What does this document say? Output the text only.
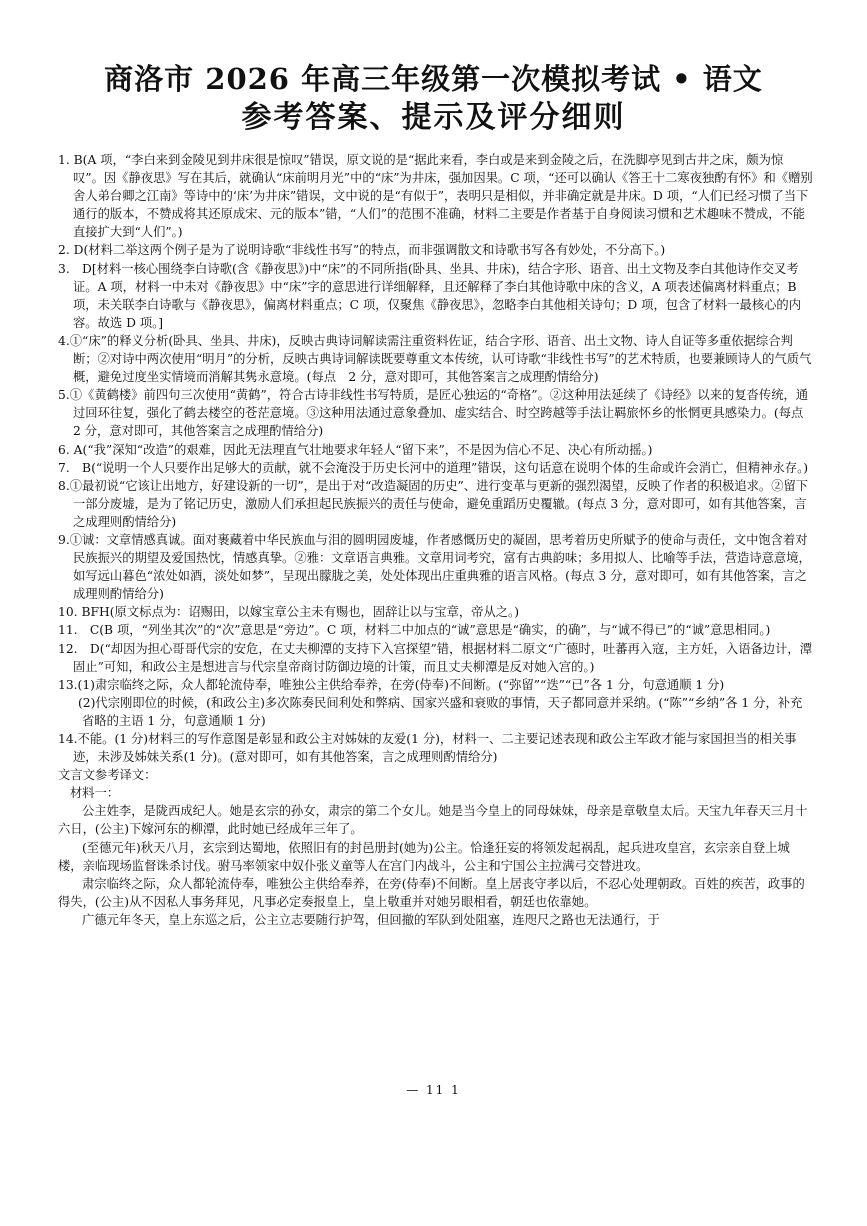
商洛市 2026 年高三年级第一次模拟考试 • 语文
参考答案、提示及评分细则

1. B(A 项，“李白来到金陵见到井床很是惊叹”错误，原文说的是“据此来看，李白或是来到金陵之后，在洗脚亭见到古井之床，颇为惊叹”。因《静夜思》写在其后，就确认“床前明月光”中的“床”为井床，强加因果。C 项，“还可以确认《答王十二寒夜独酌有怀》和《赠别舍人弟台卿之江南》等诗中的‘床’为井床”错误，文中说的是“有似于”，表明只是相似，并非确定就是井床。D 项，“人们已经习惯了当下通行的版本，不赞成将其还原成宋、元的版本”错，“人们”的范围不准确，材料二主要是作者基于自身阅读习惯和艺术趣味不赞成，不能直接扩大到“人们”。)

2. D(材料二举这两个例子是为了说明诗歌“非线性书写”的特点，而非强调散文和诗歌书写各有妙处，不分高下。)

3.　D[材料一核心围绕李白诗歌(含《静夜思》)中“床”的不同所指(卧具、坐具、井床)，结合字形、语音、出土文物及李白其他诗作交叉考证。A 项，材料一中未对《静夜思》中“床”字的意思进行详细解释，且还解释了李白其他诗歌中床的含义，A 项表述偏离材料重点；B 项，未关联李白诗歌与《静夜思》，偏离材料重点；C 项，仅聚焦《静夜思》，忽略李白其他相关诗句；D 项，包含了材料一最核心的内容。故选 D 项。]

4.①“床”的释义分析(卧具、坐具、井床)，反映古典诗词解读需注重资料佐证，结合字形、语音、出土文物、诗人自证等多重依据综合判断；②对诗中两次使用“明月”的分析，反映古典诗词解读既要尊重文本传统，认可诗歌“非线性书写”的艺术特质，也要兼顾诗人的气质气概，避免过度坐实情境而消解其隽永意境。(每点　2 分，意对即可，其他答案言之成理酌情给分)

5.①《黄鹤楼》前四句三次使用“黄鹤”，符合古诗非线性书写特质，是匠心独运的“奇格”。②这种用法延续了《诗经》以来的复沓传统，通过回环往复，强化了鹤去楼空的苍茫意境。③这种用法通过意象叠加、虚实结合、时空跨越等手法让羁旅怀乡的怅惘更具感染力。(每点 2 分，意对即可，其他答案言之成理酌情给分)

6. A(“我”深知“改造”的艰难，因此无法理直气壮地要求年轻人“留下来”，不是因为信心不足、决心有所动摇。)

7.　B(“说明一个人只要作出足够大的贡献，就不会淹没于历史长河中的道理”错误，这句话意在说明个体的生命或许会消亡，但精神永存。)

8.①最初说“它该让出地方，好建设新的一切”，是出于对“改造凝固的历史”、进行变革与更新的强烈渴望，反映了作者的积极追求。②留下一部分废墟，是为了铭记历史，激励人们承担起民族振兴的责任与使命，避免重蹈历史覆辙。(每点 3 分，意对即可，如有其他答案，言之成理则酌情给分)

9.①诚：文章情感真诚。面对裹藏着中华民族血与泪的圆明园废墟，作者感慨历史的凝固，思考着历史所赋予的使命与责任，文中饱含着对民族振兴的期望及爱国热忱，情感真挚。②雅：文章语言典雅。文章用词考究，富有古典韵味；多用拟人、比喻等手法，营造诗意意境，如写远山暮色“浓处如酒，淡处如梦”，呈现出朦胧之美，处处体现出庄重典雅的语言风格。(每点 3 分，意对即可，如有其他答案，言之成理则酌情给分)

10. BFH(原文标点为：诏赐田，以嫁宝章公主未有赐也，固辞让以与宝章，帝从之。)

11.　C(B 项，“列坐其次”的“次”意思是“旁边”。C 项，材料二中加点的“诚”意思是“确实，的确”，与“诚不得已”的“诚”意思相同。)

12.　D(“却因为担心哥哥代宗的安危，在丈夫柳潭的支持下入宫探望”错，根据材料二原文“广德时，吐蕃再入寇，主方妊，入语备边计，潭固止”可知，和政公主是想进言与代宗皇帝商讨防御边境的计策，而且丈夫柳潭是反对她入宫的。)

13.(1)肃宗临终之际，众人都轮流侍奉，唯独公主供给奉养，在旁(侍奉)不间断。(“弥留”“迭”“已”各 1 分，句意通顺 1 分)

(2)代宗刚即位的时候，(和政公主)多次陈奏民间利处和弊病、国家兴盛和衰败的事情，天子都同意并采纳。(“陈”“乡纳”各 1 分，补充省略的主语 1 分，句意通顺 1 分)

14.不能。(1 分)材料三的写作意图是彰显和政公主对姊妹的友爱(1 分)，材料一、二主要记述表现和政公主军政才能与家国担当的相关事迹，未涉及姊妹关系(1 分)。(意对即可，如有其他答案，言之成理则酌情给分)

文言文参考译文：

材料一：

公主姓李，是陇西成纪人。她是玄宗的孙女，肃宗的第二个女儿。她是当今皇上的同母妹妹，母亲是章敬皇太后。天宝九年春天三月十六日，(公主)下嫁河东的柳潭，此时她已经成年三年了。

(至德元年)秋天八月，玄宗到达蜀地，依照旧有的封邑册封(她为)公主。恰逢狂妄的将领发起祸乱，起兵进攻皇宫，玄宗亲自登上城楼，亲临现场监督诛杀讨伐。驸马率领家中奴仆张义童等人在宫门内战斗，公主和宁国公主拉满弓交替进攻。

肃宗临终之际，众人都轮流侍奉，唯独公主供给奉养，在旁(侍奉)不间断。皇上居丧守孝以后，不忍心处理朝政。百姓的疾苦，政事的得失，(公主)从不因私人事务拜见，凡事必定奏报皇上，皇上敬重并对她另眼相看，朝廷也依靠她。

广德元年冬天，皇上东巡之后，公主立志要随行护驾，但回撤的军队到处阻塞，连咫尺之路也无法通行，于

— 11 1
